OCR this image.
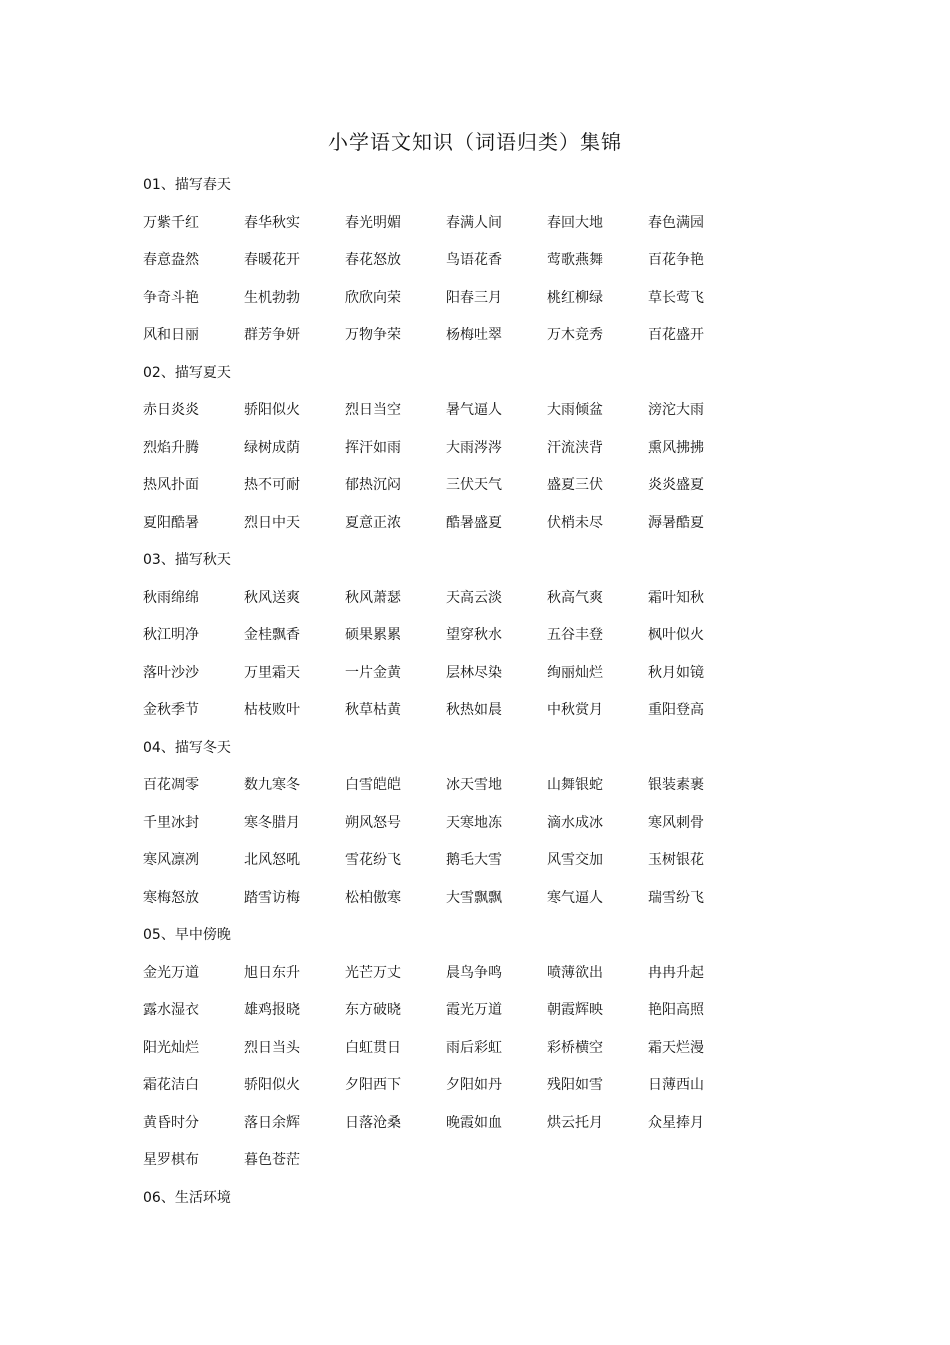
小学语文知识（词语归类）集锦
01、描写春天
万紫千红	春华秋实	春光明媚	春满人间	春回大地	春色满园
春意盎然	春暖花开	春花怒放	鸟语花香	莺歌燕舞	百花争艳
争奇斗艳	生机勃勃	欣欣向荣	阳春三月	桃红柳绿	草长莺飞
风和日丽	群芳争妍	万物争荣	杨梅吐翠	万木竞秀	百花盛开
02、描写夏天
赤日炎炎	骄阳似火	烈日当空	暑气逼人	大雨倾盆	滂沱大雨
烈焰升腾	绿树成荫	挥汗如雨	大雨涔涔	汗流浃背	熏风拂拂
热风扑面	热不可耐	郁热沉闷	三伏天气	盛夏三伏	炎炎盛夏
夏阳酷暑	烈日中天	夏意正浓	酷暑盛夏	伏梢未尽	溽暑酷夏
03、描写秋天
秋雨绵绵	秋风送爽	秋风萧瑟	天高云淡	秋高气爽	霜叶知秋
秋江明净	金桂飘香	硕果累累	望穿秋水	五谷丰登	枫叶似火
落叶沙沙	万里霜天	一片金黄	层林尽染	绚丽灿烂	秋月如镜
金秋季节	枯枝败叶	秋草枯黄	秋热如晨	中秋赏月	重阳登高
04、描写冬天
百花凋零	数九寒冬	白雪皑皑	冰天雪地	山舞银蛇	银装素裹
千里冰封	寒冬腊月	朔风怒号	天寒地冻	滴水成冰	寒风刺骨
寒风凛冽	北风怒吼	雪花纷飞	鹅毛大雪	风雪交加	玉树银花
寒梅怒放	踏雪访梅	松柏傲寒	大雪飘飘	寒气逼人	瑞雪纷飞
05、早中傍晚
金光万道	旭日东升	光芒万丈	晨鸟争鸣	喷薄欲出	冉冉升起
露水湿衣	雄鸡报晓	东方破晓	霞光万道	朝霞辉映	艳阳高照
阳光灿烂	烈日当头	白虹贯日	雨后彩虹	彩桥横空	霜天烂漫
霜花洁白	骄阳似火	夕阳西下	夕阳如丹	残阳如雪	日薄西山
黄昏时分	落日余辉	日落沧桑	晚霞如血	烘云托月	众星捧月
星罗棋布	暮色苍茫
06、生活环境
